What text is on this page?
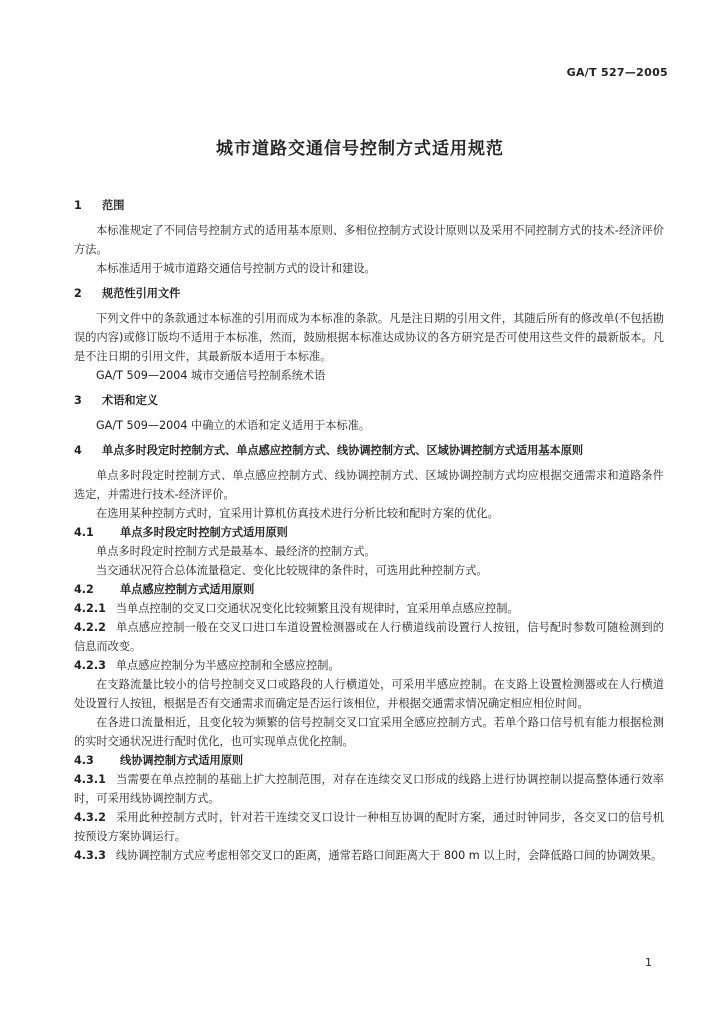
GA/T 527—2005
城市道路交通信号控制方式适用规范
1 范围
本标准规定了不同信号控制方式的适用基本原则、多相位控制方式设计原则以及采用不同控制方式的技术-经济评价方法。
本标准适用于城市道路交通信号控制方式的设计和建设。
2 规范性引用文件
下列文件中的条款通过本标准的引用而成为本标准的条款。凡是注日期的引用文件，其随后所有的修改单(不包括勘误的内容)或修订版均不适用于本标准，然而，鼓励根据本标准达成协议的各方研究是否可使用这些文件的最新版本。凡是不注日期的引用文件，其最新版本适用于本标准。
GA/T 509—2004 城市交通信号控制系统术语
3 术语和定义
GA/T 509—2004 中确立的术语和定义适用于本标准。
4 单点多时段定时控制方式、单点感应控制方式、线协调控制方式、区域协调控制方式适用基本原则
单点多时段定时控制方式、单点感应控制方式、线协调控制方式、区域协调控制方式均应根据交通需求和道路条件选定，并需进行技术-经济评价。
在选用某种控制方式时，宜采用计算机仿真技术进行分析比较和配时方案的优化。
4.1 单点多时段定时控制方式适用原则
单点多时段定时控制方式是最基本、最经济的控制方式。
当交通状况符合总体流量稳定、变化比较规律的条件时，可选用此种控制方式。
4.2 单点感应控制方式适用原则
4.2.1 当单点控制的交叉口交通状况变化比较频繁且没有规律时，宜采用单点感应控制。
4.2.2 单点感应控制一般在交叉口进口车道设置检测器或在人行横道线前设置行人按钮，信号配时参数可随检测到的信息而改变。
4.2.3 单点感应控制分为半感应控制和全感应控制。
在支路流量比较小的信号控制交叉口或路段的人行横道处，可采用半感应控制。在支路上设置检测器或在人行横道处设置行人按钮，根据是否有交通需求而确定是否运行该相位，并根据交通需求情况确定相应相位时间。
在各进口流量相近，且变化较为频繁的信号控制交叉口宜采用全感应控制方式。若单个路口信号机有能力根据检测的实时交通状况进行配时优化，也可实现单点优化控制。
4.3 线协调控制方式适用原则
4.3.1 当需要在单点控制的基础上扩大控制范围，对存在连续交叉口形成的线路上进行协调控制以提高整体通行效率时，可采用线协调控制方式。
4.3.2 采用此种控制方式时，针对若干连续交叉口设计一种相互协调的配时方案，通过时钟同步，各交叉口的信号机按预设方案协调运行。
4.3.3 线协调控制方式应考虑相邻交叉口的距离，通常若路口间距离大于 800 m 以上时，会降低路口间的协调效果。
1
